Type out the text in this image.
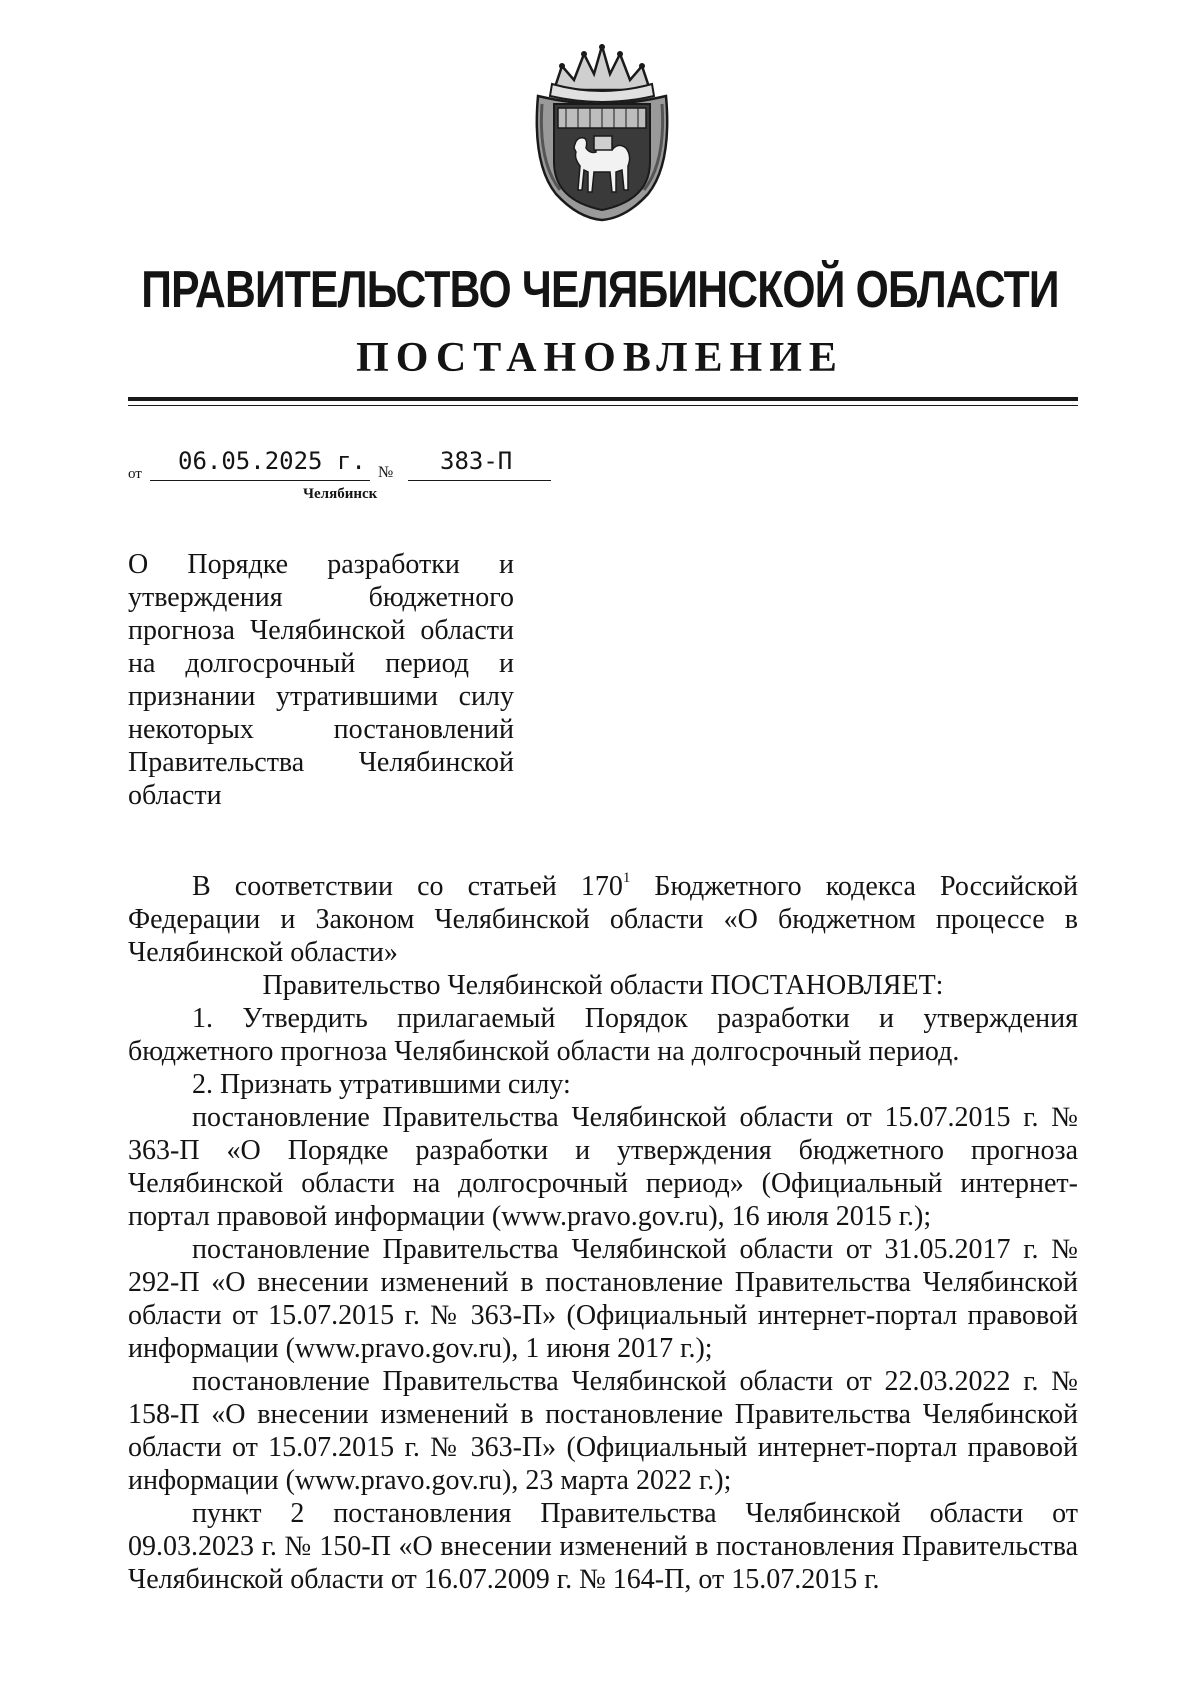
ПРАВИТЕЛЬСТВО ЧЕЛЯБИНСКОЙ ОБЛАСТИ
ПОСТАНОВЛЕНИЕ
от 06.05.2025 г. № 383-П
Челябинск
О Порядке разработки и утверждения бюджетного прогноза Челябинской области на долгосрочный период и признании утратившими силу некоторых постановлений Правительства Челябинской области

В соответствии со статьей $170^1$ Бюджетного кодекса Российской Федерации и Законом Челябинской области «О бюджетном процессе в Челябинской области»

Правительство Челябинской области ПОСТАНОВЛЯЕТ:

1. Утвердить прилагаемый Порядок разработки и утверждения бюджетного прогноза Челябинской области на долгосрочный период.

2. Признать утратившими силу:

постановление Правительства Челябинской области от 15.07.2015 г. № 363-П «О Порядке разработки и утверждения бюджетного прогноза Челябинской области на долгосрочный период» (Официальный интернет-портал правовой информации (www.pravo.gov.ru), 16 июля 2015 г.);

постановление Правительства Челябинской области от 31.05.2017 г. № 292-П «О внесении изменений в постановление Правительства Челябинской области от 15.07.2015 г. № 363-П» (Официальный интернет-портал правовой информации (www.pravo.gov.ru), 1 июня 2017 г.);

постановление Правительства Челябинской области от 22.03.2022 г. № 158-П «О внесении изменений в постановление Правительства Челябинской области от 15.07.2015 г. № 363-П» (Официальный интернет-портал правовой информации (www.pravo.gov.ru), 23 марта 2022 г.);

пункт 2 постановления Правительства Челябинской области от 09.03.2023 г. № 150-П «О внесении изменений в постановления Правительства Челябинской области от 16.07.2009 г. № 164-П, от 15.07.2015 г.
